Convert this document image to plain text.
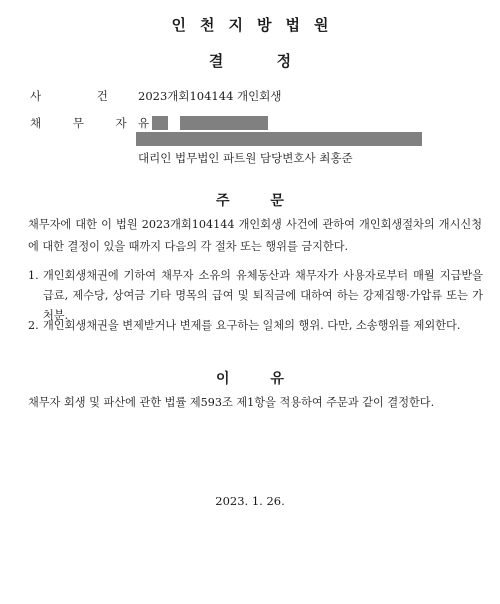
인천지방법원
결 정
사 건 2023개회104144 개인회생
채 무 자
유
대리인 법무법인 파트원 담당변호사 최홍준
주 문
채무자에 대한 이 법원 2023개회104144 개인회생 사건에 관하여 개인회생절차의 개시신청에 대한 결정이 있을 때까지 다음의 각 절차 또는 행위를 금지한다.
1. 개인회생채권에 기하여 채무자 소유의 유체동산과 채무자가 사용자로부터 매월 지급받을 급료, 제수당, 상여금 기타 명목의 급여 및 퇴직금에 대하여 하는 강제집행·가압류 또는 가처분.
2. 개인회생채권을 변제받거나 변제를 요구하는 일체의 행위. 다만, 소송행위를 제외한다.
이 유
채무자 회생 및 파산에 관한 법률 제593조 제1항을 적용하여 주문과 같이 결정한다.
2023. 1. 26.
